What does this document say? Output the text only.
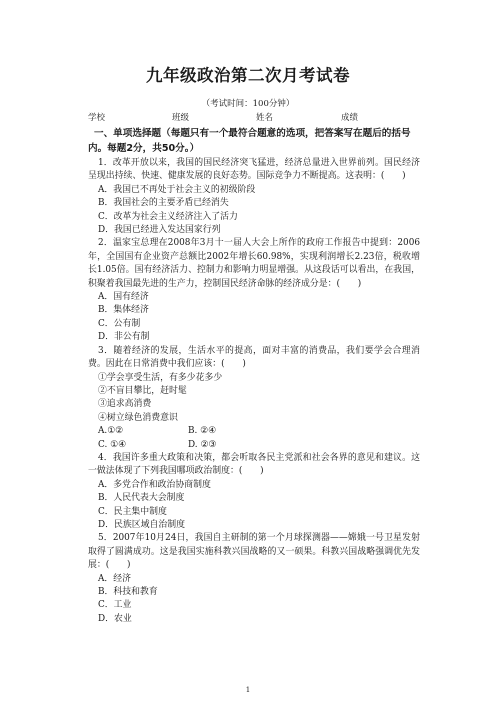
九年级政治第二次月考试卷
（考试时间：100分钟）
学校	班级	姓名	成绩
一、单项选择题（每题只有一个最符合题意的选项，把答案写在题后的括号内。每题2分，共50分。）

1．改革开放以来，我国的国民经济突飞猛进，经济总量进入世界前列。国民经济呈现出持续、快速、健康发展的良好态势。国际竞争力不断提高。这表明：(　　)

A．我国已不再处于社会主义的初级阶段

B．我国社会的主要矛盾已经消失

C．改革为社会主义经济注入了活力

D．我国已经进入发达国家行列

2．温家宝总理在2008年3月十一届人大会上所作的政府工作报告中提到：2006年，全国国有企业资产总额比2002年增长60.98%，实现利润增长2.23倍，税收增长1.05倍。国有经济活力、控制力和影响力明显增强。从这段话可以看出，在我国，积聚着我国最先进的生产力，控制国民经济命脉的经济成分是：(　　)

A．国有经济

B．集体经济

C．公有制

D．非公有制

3．随着经济的发展，生活水平的提高，面对丰富的消费品，我们要学会合理消费。因此在日常消费中我们应该：(　　)

①学会享受生活，有多少花多少

②不盲目攀比，赶时髦

③追求高消费

④树立绿色消费意识

A.①②	B. ②④
C. ①④	D. ②③

4．我国许多重大政策和决策，都会听取各民主党派和社会各界的意见和建议。这一做法体现了下列我国哪项政治制度：(　　)

A．多党合作和政治协商制度

B．人民代表大会制度

C．民主集中制度

D．民族区域自治制度

5．2007年10月24日，我国自主研制的第一个月球探测器——嫦娥一号卫星发射取得了圆满成功。这是我国实施科教兴国战略的又一硕果。科教兴国战略强调优先发展：(　　)

A．经济

B．科技和教育

C．工业

D．农业

1
